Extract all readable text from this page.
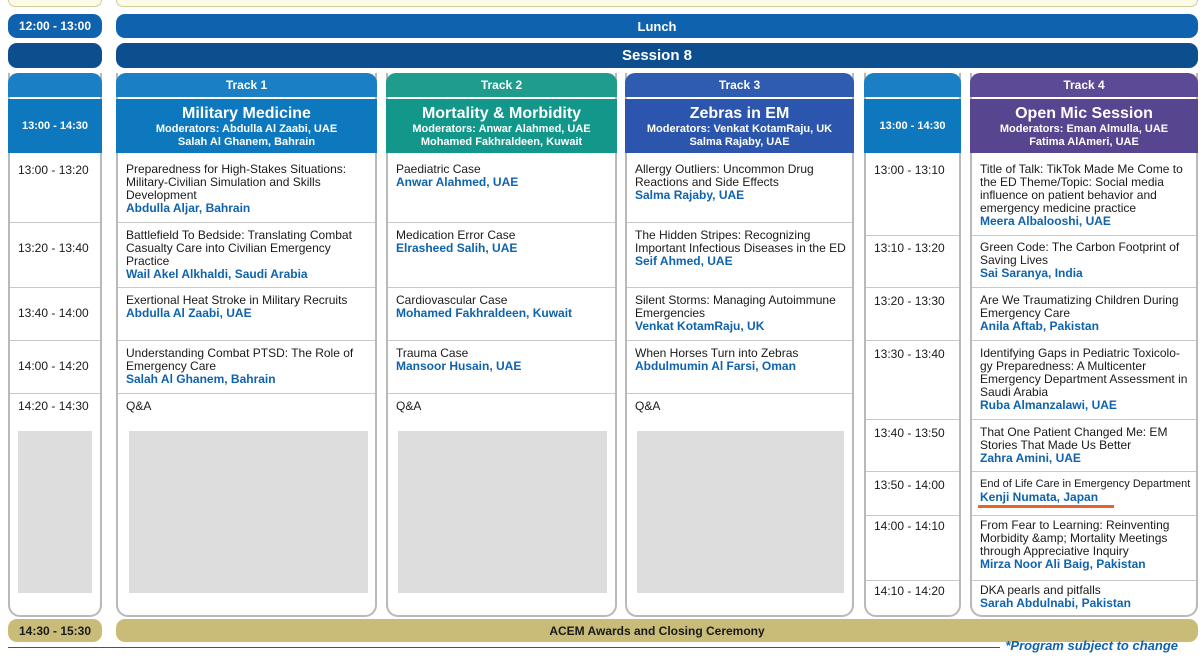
12:00 - 13:00	Lunch
Session 8
13:00 - 14:30
13:00 - 13:20
13:20 - 13:40
13:40 - 14:00
14:00 - 14:20
14:20 - 14:30
Track 1
Military Medicine
Moderators: Abdulla Al Zaabi, UAE
Salah Al Ghanem, Bahrain
Preparedness for High-Stakes Situations: Military-Civilian Simulation and Skills Development
Abdulla Aljar, Bahrain
Battlefield To Bedside: Translating Combat Casualty Care into Civilian Emergency Practice
Wail Akel Alkhaldi, Saudi Arabia
Exertional Heat Stroke in Military Recruits
Abdulla Al Zaabi, UAE
Understanding Combat PTSD: The Role of Emergency Care
Salah Al Ghanem, Bahrain
Q&A
Track 2
Mortality & Morbidity
Moderators: Anwar Alahmed, UAE
Mohamed Fakhraldeen, Kuwait
Paediatric Case
Anwar Alahmed, UAE
Medication Error Case
Elrasheed Salih, UAE
Cardiovascular Case
Mohamed Fakhraldeen, Kuwait
Trauma Case
Mansoor Husain, UAE
Q&A
Track 3
Zebras in EM
Moderators: Venkat KotamRaju, UK
Salma Rajaby, UAE
Allergy Outliers: Uncommon Drug Reactions and Side Effects
Salma Rajaby, UAE
The Hidden Stripes: Recognizing Important Infectious Diseases in the ED
Seif Ahmed, UAE
Silent Storms: Managing Autoimmune Emergencies
Venkat KotamRaju, UK
When Horses Turn into Zebras
Abdulmumin Al Farsi, Oman
Q&A
13:00 - 14:30
13:00 - 13:10
13:10 - 13:20
13:20 - 13:30
13:30 - 13:40
13:40 - 13:50
13:50 - 14:00
14:00 - 14:10
14:10 - 14:20
Track 4
Open Mic Session
Moderators: Eman Almulla, UAE
Fatima AlAmeri, UAE
Title of Talk: TikTok Made Me Come to the ED Theme/Topic: Social media influence on patient behavior and emergency medicine practice
Meera Albalooshi, UAE
Green Code: The Carbon Footprint of Saving Lives
Sai Saranya, India
Are We Traumatizing Children During Emergency Care
Anila Aftab, Pakistan
Identifying Gaps in Pediatric Toxicolo-gy Preparedness: A Multicenter Emergency Department Assessment in Saudi Arabia
Ruba Almanzalawi, UAE
That One Patient Changed Me: EM Stories That Made Us Better
Zahra Amini, UAE
End of Life Care in Emergency Department
Kenji Numata, Japan
From Fear to Learning: Reinventing Morbidity &amp; Mortality Meetings through Appreciative Inquiry
Mirza Noor Ali Baig, Pakistan
DKA pearls and pitfalls
Sarah Abdulnabi, Pakistan
14:30 - 15:30	ACEM Awards and Closing Ceremony
*Program subject to change
